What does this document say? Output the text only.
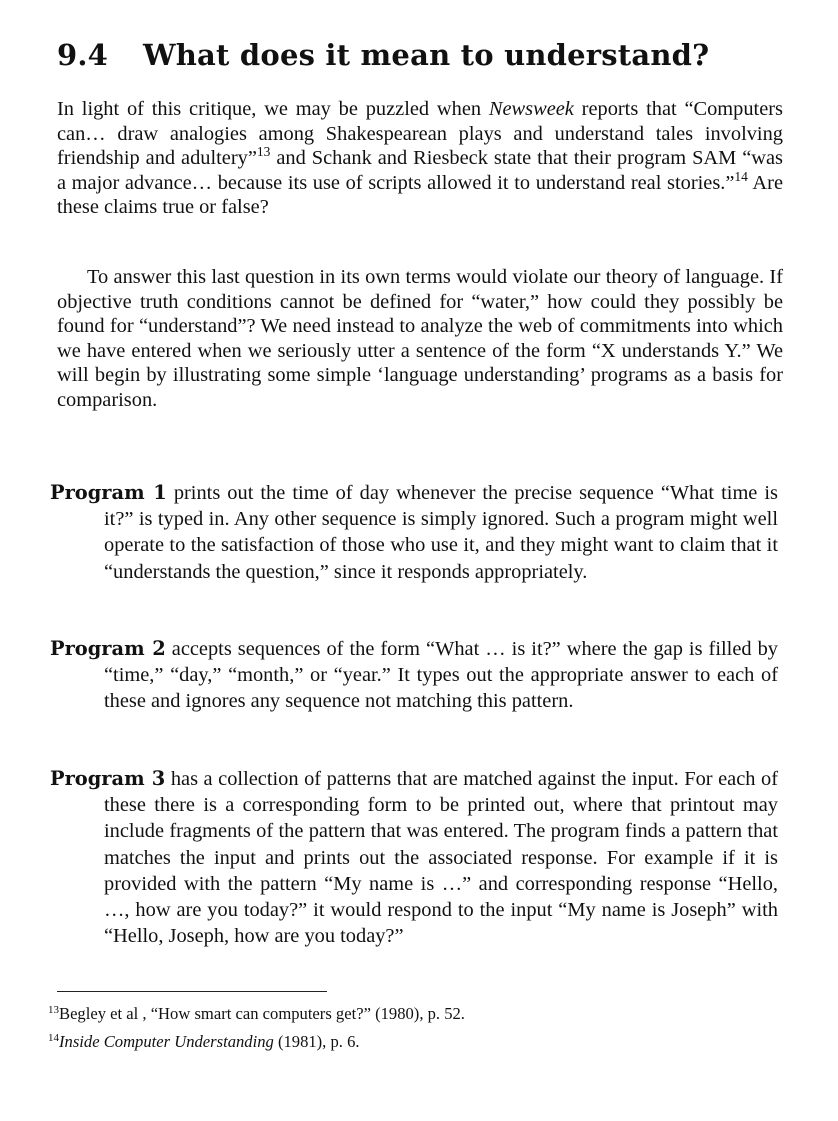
9.4 What does it mean to understand?
In light of this critique, we may be puzzled when Newsweek reports that “Computers can… draw analogies among Shakespearean plays and understand tales involving friendship and adultery”$^{13}$ and Schank and Riesbeck state that their program SAM “was a major advance… because its use of scripts allowed it to understand real stories.”$^{14}$ Are these claims true or false?
To answer this last question in its own terms would violate our theory of language. If objective truth conditions cannot be defined for “water,” how could they possibly be found for “understand”? We need instead to analyze the web of commitments into which we have entered when we seriously utter a sentence of the form “X understands Y.” We will begin by illustrating some simple ‘language understanding’ programs as a basis for comparison.
Program 1 prints out the time of day whenever the precise sequence “What time is it?” is typed in. Any other sequence is simply ignored. Such a program might well operate to the satisfaction of those who use it, and they might want to claim that it “understands the question,” since it responds appropriately.
Program 2 accepts sequences of the form “What … is it?” where the gap is filled by “time,” “day,” “month,” or “year.” It types out the appropriate answer to each of these and ignores any sequence not matching this pattern.
Program 3 has a collection of patterns that are matched against the input. For each of these there is a corresponding form to be printed out, where that printout may include fragments of the pattern that was entered. The program finds a pattern that matches the input and prints out the associated response. For example if it is provided with the pattern “My name is …” and corresponding response “Hello, …, how are you today?” it would respond to the input “My name is Joseph” with “Hello, Joseph, how are you today?”
$^{13}$Begley et al , “How smart can computers get?” (1980), p. 52.
$^{14}$Inside Computer Understanding (1981), p. 6.
